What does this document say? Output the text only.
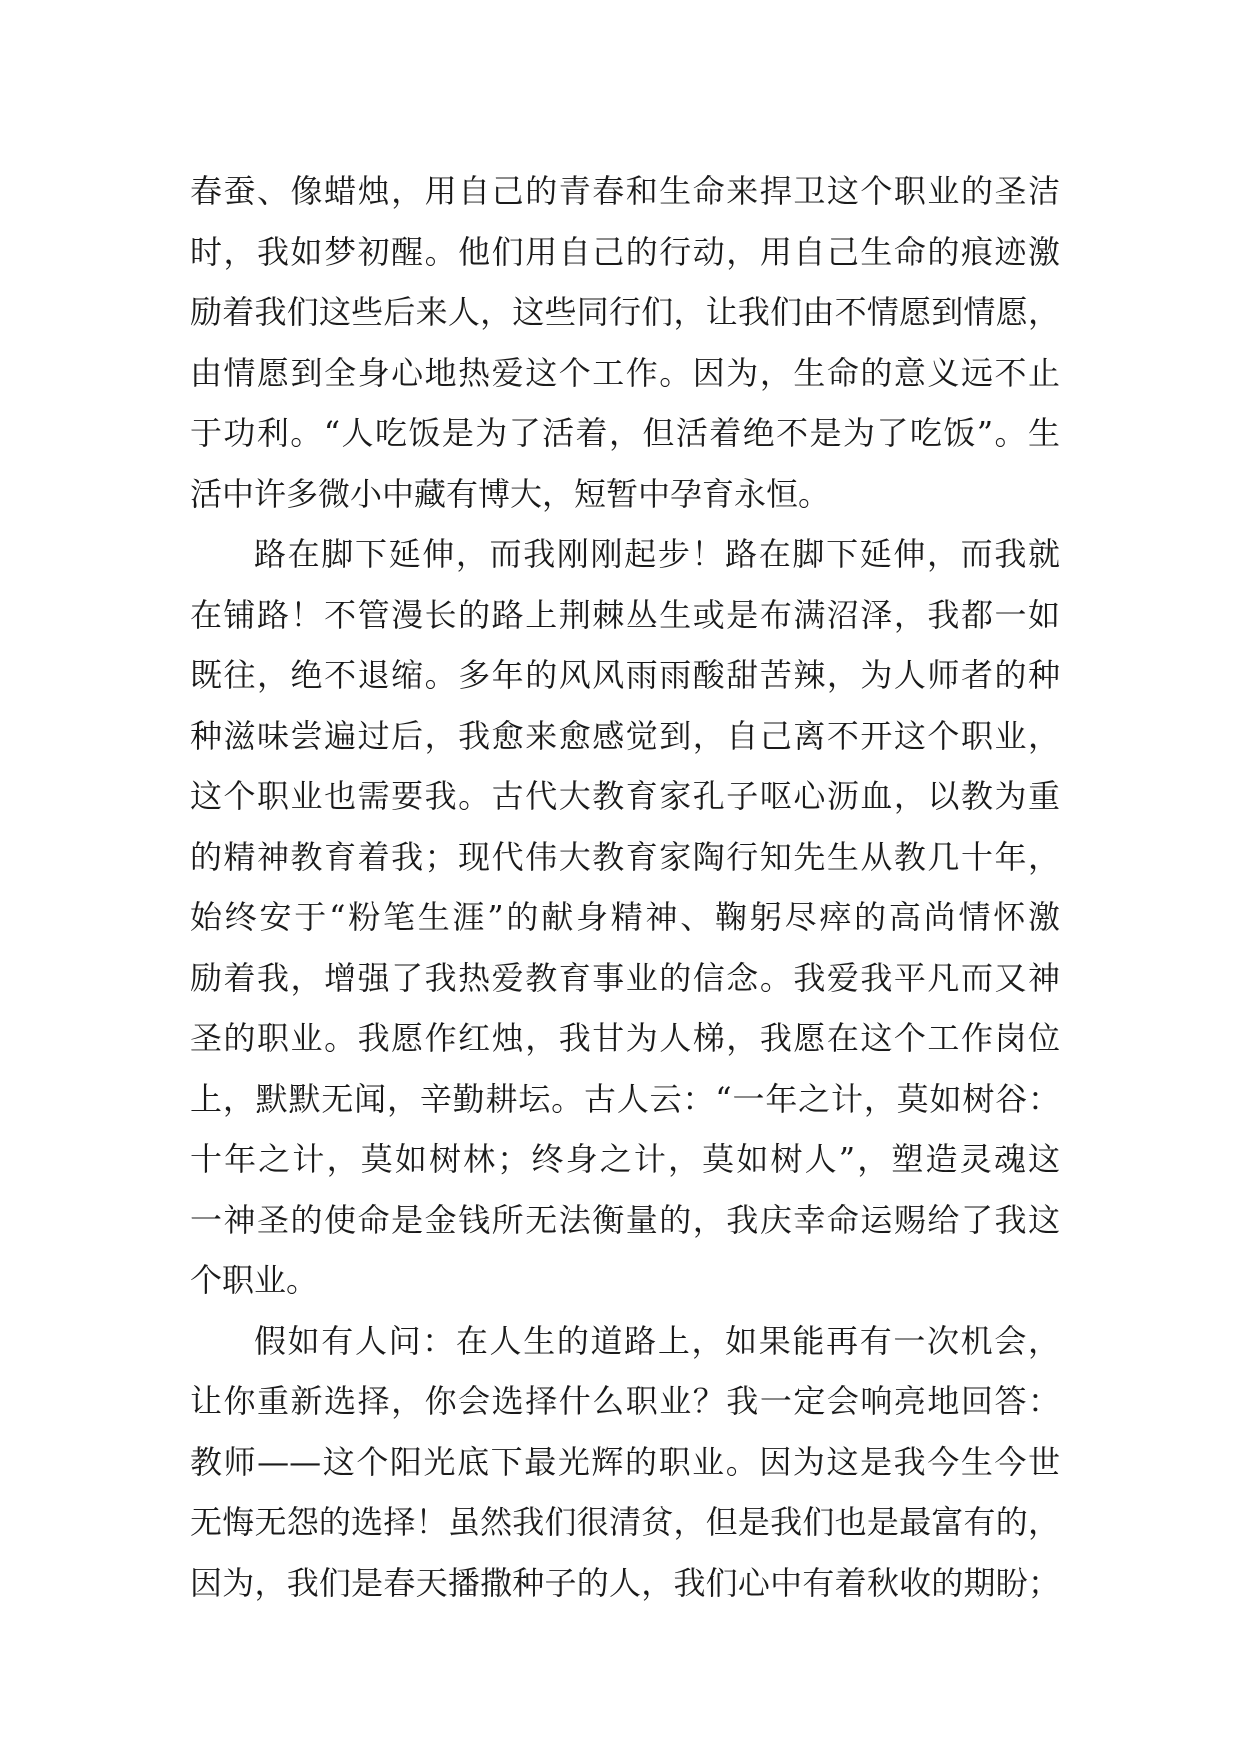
春蚕、像蜡烛，用自己的青春和生命来捍卫这个职业的圣洁
时，我如梦初醒。他们用自己的行动，用自己生命的痕迹激
励着我们这些后来人，这些同行们，让我们由不情愿到情愿，
由情愿到全身心地热爱这个工作。因为，生命的意义远不止
于功利。“人吃饭是为了活着，但活着绝不是为了吃饭”。生
活中许多微小中藏有博大，短暂中孕育永恒。
路在脚下延伸，而我刚刚起步！路在脚下延伸，而我就
在铺路！不管漫长的路上荆棘丛生或是布满沼泽，我都一如
既往，绝不退缩。多年的风风雨雨酸甜苦辣，为人师者的种
种滋味尝遍过后，我愈来愈感觉到，自己离不开这个职业，
这个职业也需要我。古代大教育家孔子呕心沥血，以教为重
的精神教育着我；现代伟大教育家陶行知先生从教几十年，
始终安于“粉笔生涯”的献身精神、鞠躬尽瘁的高尚情怀激
励着我，增强了我热爱教育事业的信念。我爱我平凡而又神
圣的职业。我愿作红烛，我甘为人梯，我愿在这个工作岗位
上，默默无闻，辛勤耕坛。古人云：“一年之计，莫如树谷：
十年之计，莫如树林；终身之计，莫如树人”，塑造灵魂这
一神圣的使命是金钱所无法衡量的，我庆幸命运赐给了我这
个职业。
假如有人问：在人生的道路上，如果能再有一次机会，
让你重新选择，你会选择什么职业？我一定会响亮地回答：
教师——这个阳光底下最光辉的职业。因为这是我今生今世
无悔无怨的选择！虽然我们很清贫，但是我们也是最富有的，
因为，我们是春天播撒种子的人，我们心中有着秋收的期盼；
